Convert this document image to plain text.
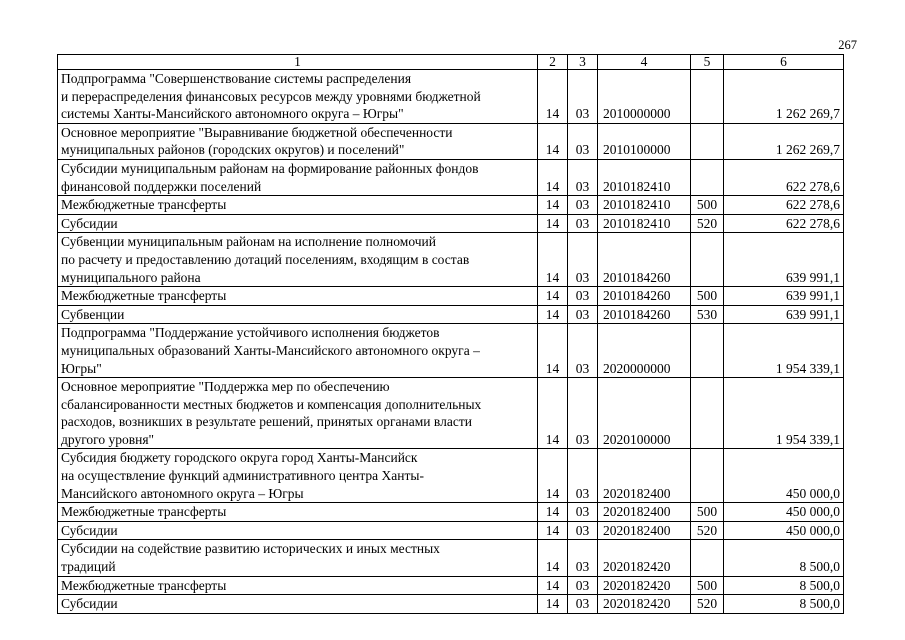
267
1	2	3	4	5	6

Подпрограмма "Совершенствование системы распределения
и перераспределения финансовых ресурсов между уровнями бюджетной
системы Ханты-Мансийского автономного округа – Югры"	14	03	2010000000		1 262 269,7

Основное мероприятие "Выравнивание бюджетной обеспеченности
муниципальных районов (городских округов) и поселений"	14	03	2010100000		1 262 269,7

Субсидии муниципальным районам на формирование районных фондов
финансовой поддержки поселений	14	03	2010182410		622 278,6

Межбюджетные трансферты	14	03	2010182410	500	622 278,6

Субсидии	14	03	2010182410	520	622 278,6

Субвенции муниципальным районам на исполнение полномочий
по расчету и предоставлению дотаций поселениям, входящим в состав
муниципального района	14	03	2010184260		639 991,1

Межбюджетные трансферты	14	03	2010184260	500	639 991,1

Субвенции	14	03	2010184260	530	639 991,1

Подпрограмма "Поддержание устойчивого исполнения бюджетов
муниципальных образований Ханты-Мансийского автономного округа –
Югры"	14	03	2020000000		1 954 339,1

Основное мероприятие "Поддержка мер по обеспечению
сбалансированности местных бюджетов и компенсация дополнительных
расходов, возникших в результате решений, принятых органами власти
другого уровня"	14	03	2020100000		1 954 339,1

Субсидия бюджету городского округа город Ханты-Мансийск
на осуществление функций административного центра Ханты-
Мансийского автономного округа – Югры	14	03	2020182400		450 000,0

Межбюджетные трансферты	14	03	2020182400	500	450 000,0

Субсидии	14	03	2020182400	520	450 000,0

Субсидии на содействие развитию исторических и иных местных
традиций	14	03	2020182420		8 500,0

Межбюджетные трансферты	14	03	2020182420	500	8 500,0

Субсидии	14	03	2020182420	520	8 500,0
